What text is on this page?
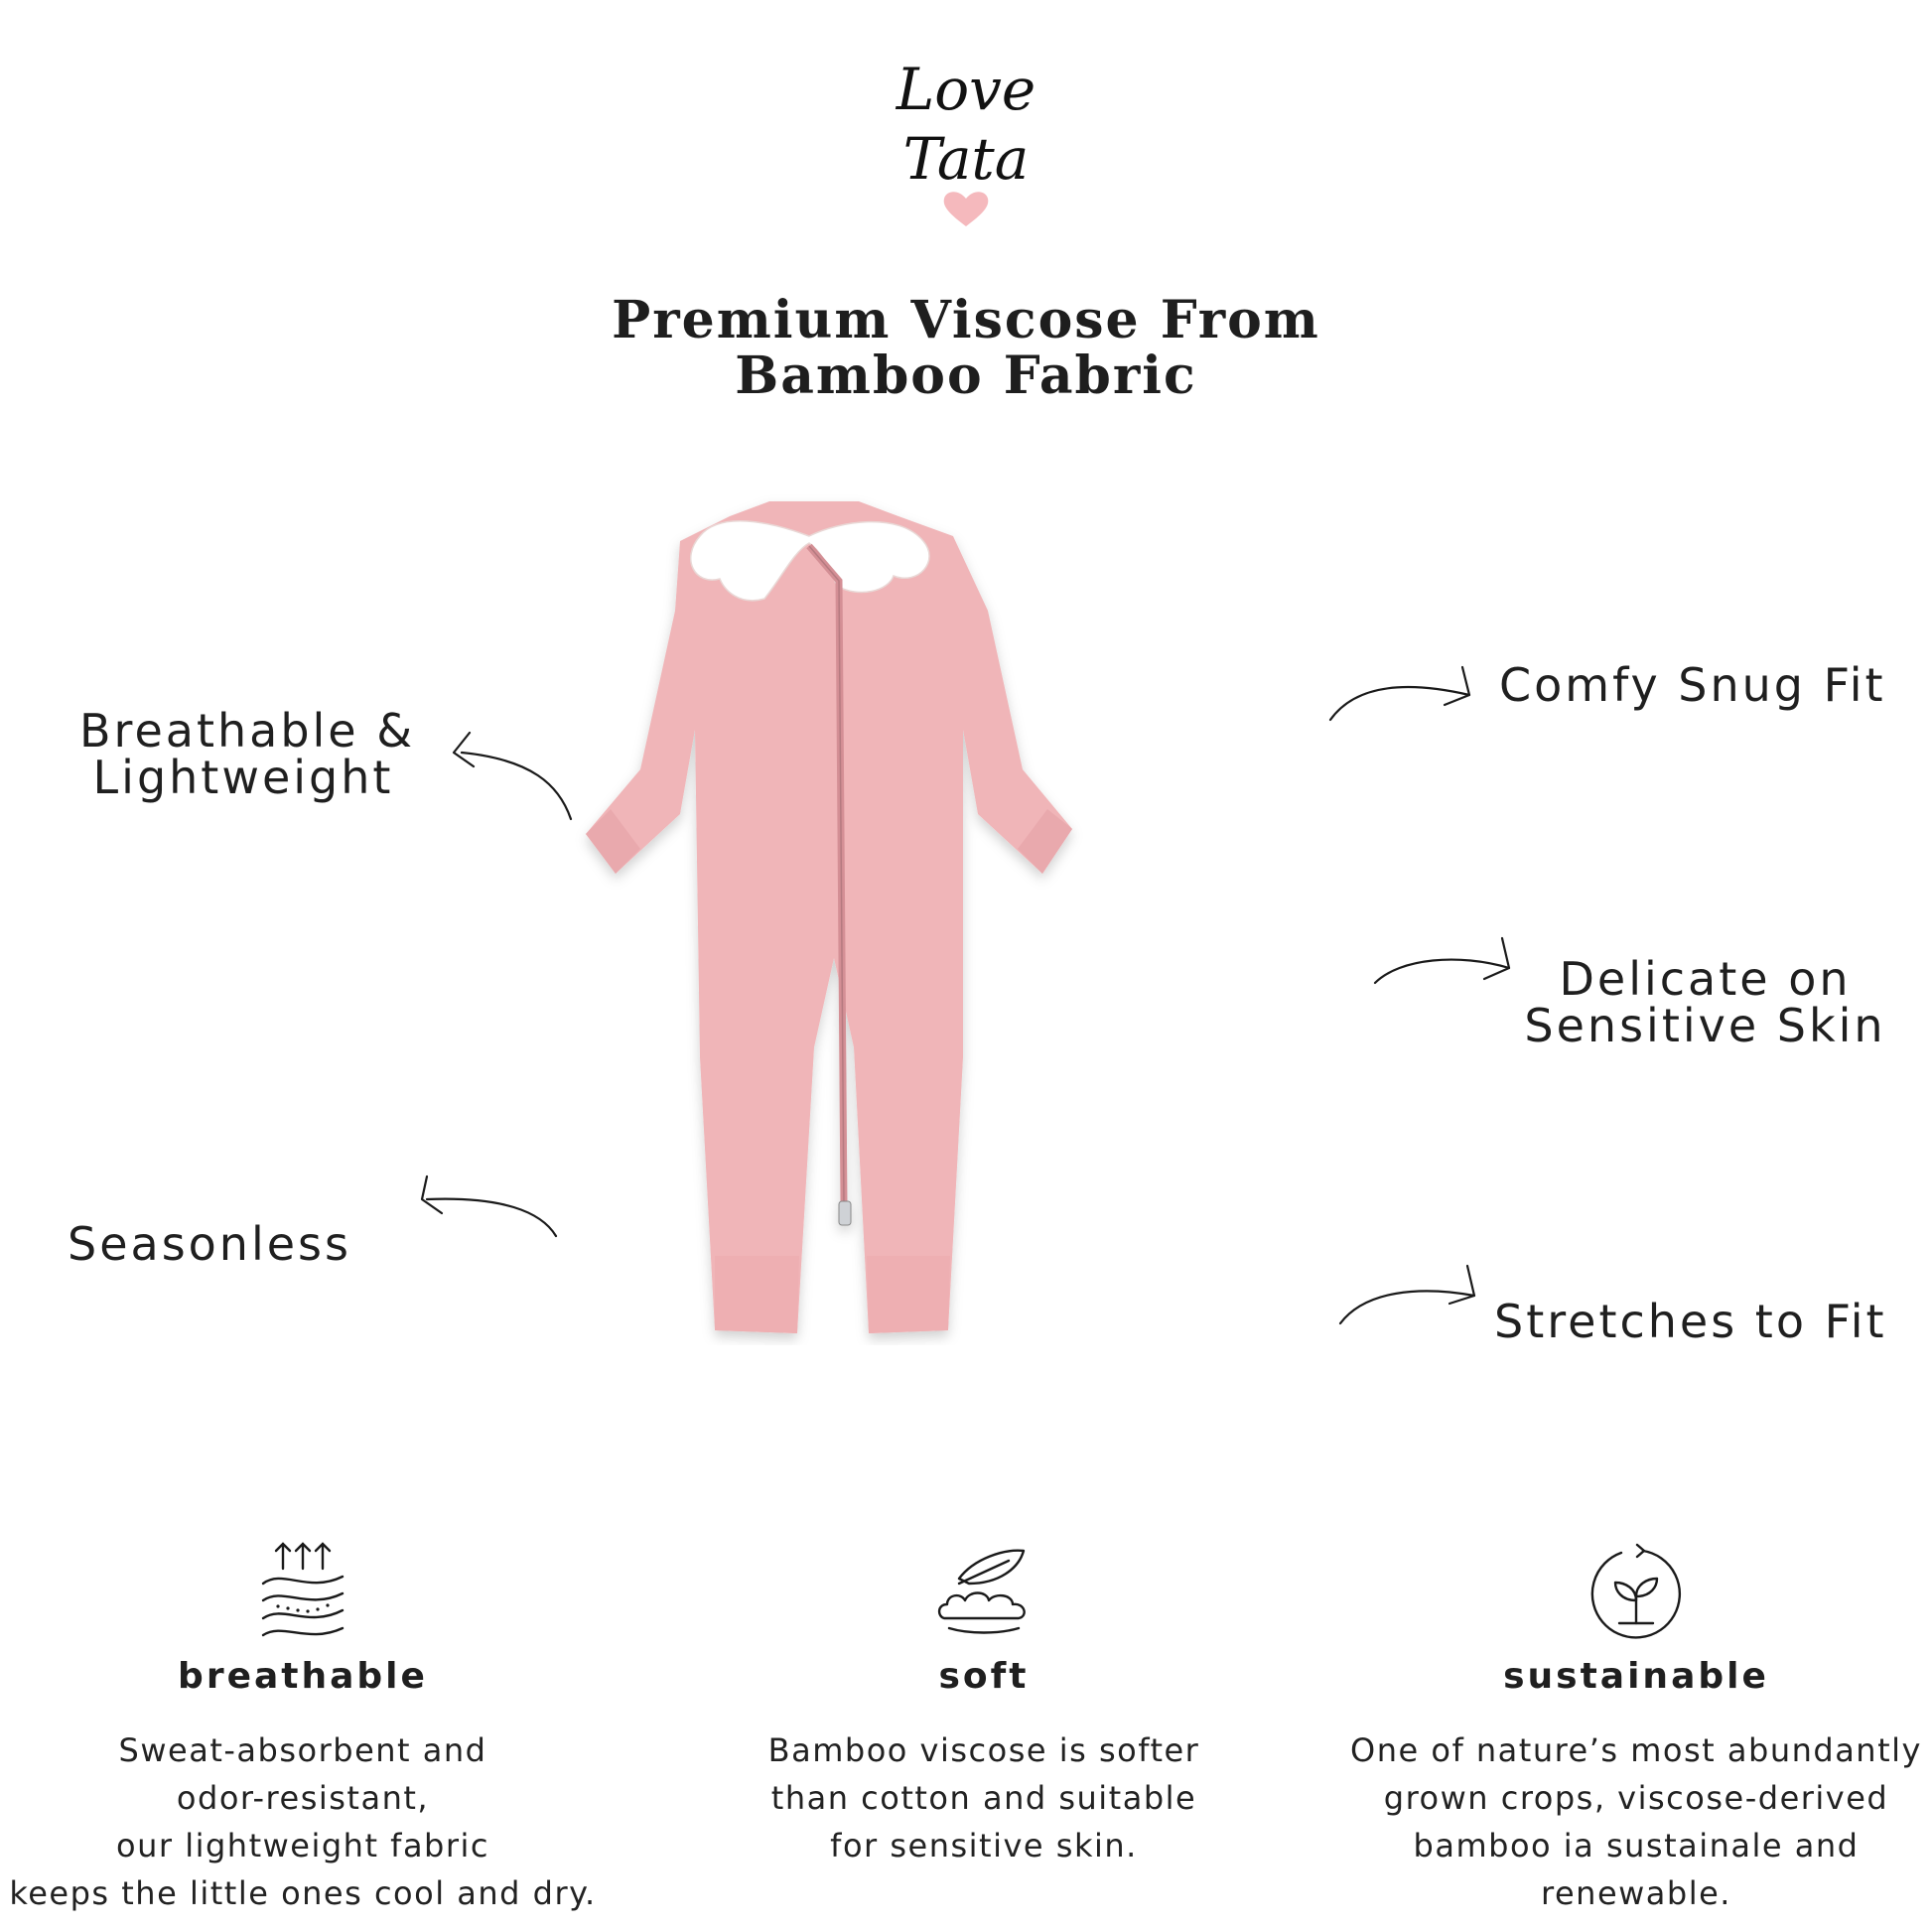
Love
Tata
Premium Viscose From
Bamboo Fabric
Breathable &
Lightweight
Seasonless
Comfy Snug Fit
Delicate on
Sensitive Skin
Stretches to Fit
breathable
Sweat-absorbent and
odor-resistant,
our lightweight fabric
keeps the little ones cool and dry.
soft
Bamboo viscose is softer
than cotton and suitable
for sensitive skin.
sustainable
One of nature’s most abundantly
grown crops, viscose-derived
bamboo ia sustainale and
renewable.
